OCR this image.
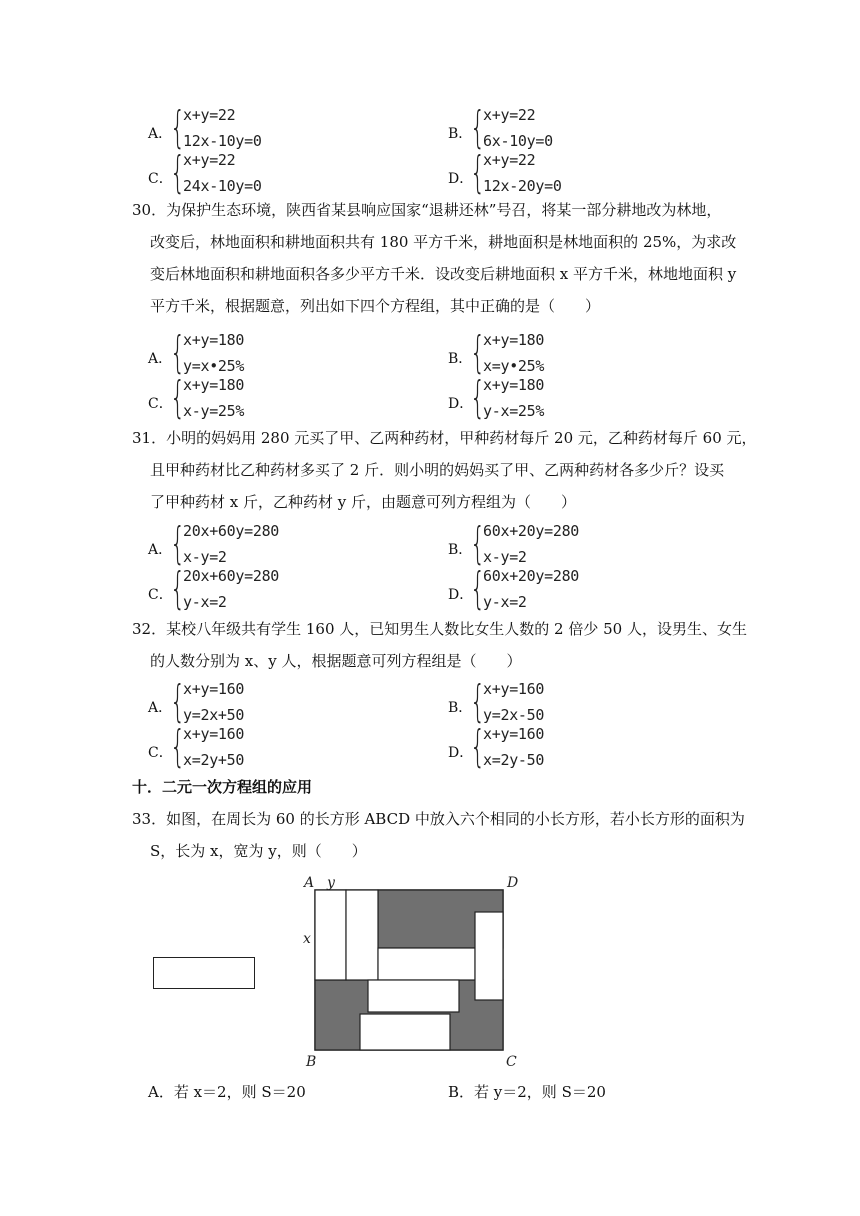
A．
{
x+y=22
12x-10y=0	B．
{
x+y=22
6x-10y=0
C．
{
x+y=22
24x-10y=0	D．
{
x+y=22
12x-20y=0
30．为保护生态环境，陕西省某县响应国家“退耕还林”号召，将某一部分耕地改为林地，
改变后，林地面积和耕地面积共有 180 平方千米，耕地面积是林地面积的 25%，为求改
变后林地面积和耕地面积各多少平方千米．设改变后耕地面积 x 平方千米，林地地面积 y
平方千米，根据题意，列出如下四个方程组，其中正确的是（　　）
A．
{
x+y=180
y=x•25%	B．
{
x+y=180
x=y•25%
C．
{
x+y=180
x-y=25%	D．
{
x+y=180
y-x=25%
31．小明的妈妈用 280 元买了甲、乙两种药材，甲种药材每斤 20 元，乙种药材每斤 60 元，
且甲种药材比乙种药材多买了 2 斤．则小明的妈妈买了甲、乙两种药材各多少斤？设买
了甲种药材 x 斤，乙种药材 y 斤，由题意可列方程组为（　　）
A．
{
20x+60y=280
x-y=2	B．
{
60x+20y=280
x-y=2
C．
{
20x+60y=280
y-x=2	D．
{
60x+20y=280
y-x=2
32．某校八年级共有学生 160 人，已知男生人数比女生人数的 2 倍少 50 人，设男生、女生
的人数分别为 x、y 人，根据题意可列方程组是（　　）
A．
{
x+y=160
y=2x+50	B．
{
x+y=160
y=2x-50
C．
{
x+y=160
x=2y+50	D．
{
x+y=160
x=2y-50
十．二元一次方程组的应用
33．如图，在周长为 60 的长方形 ABCD 中放入六个相同的小长方形，若小长方形的面积为
S，长为 x，宽为 y，则（　　）
A y	D
x
B	C
A．若 x＝2，则 S＝20	B．若 y＝2，则 S＝20
